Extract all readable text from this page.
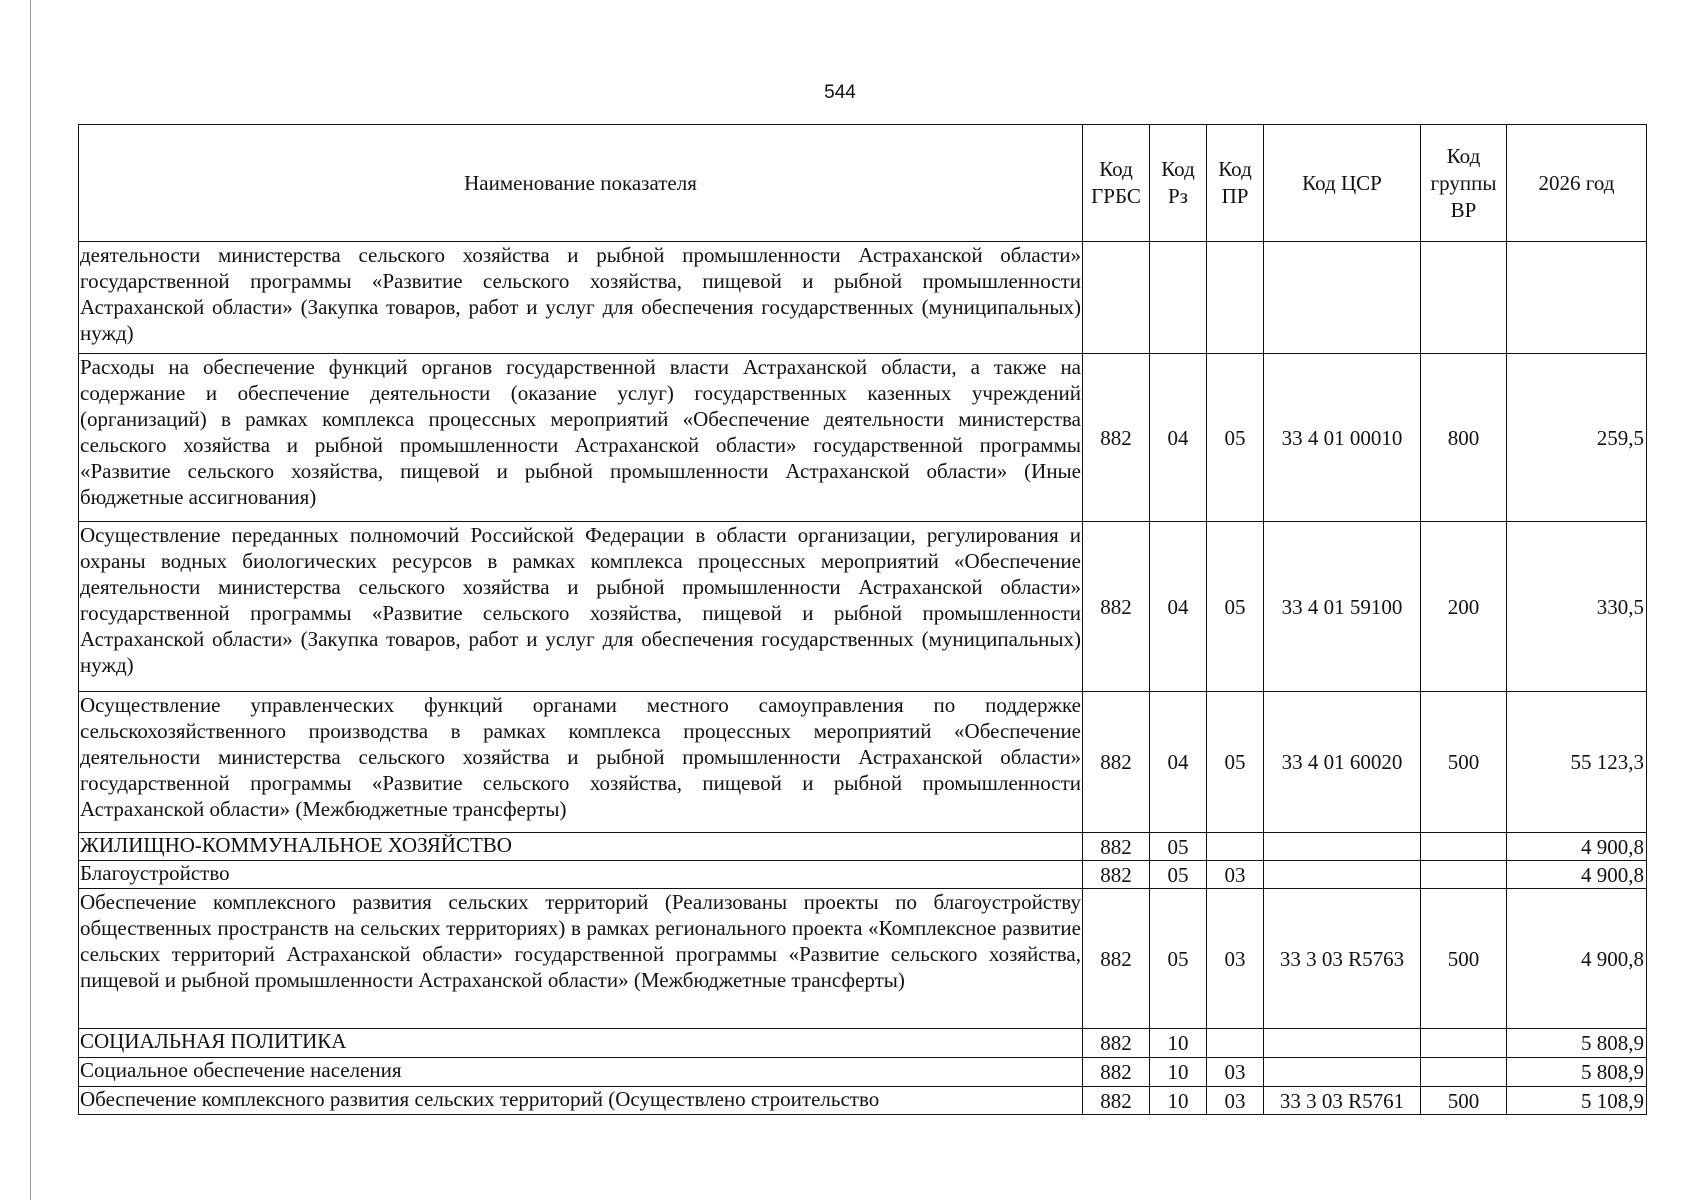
544
Наименование показателя	Код ГРБС	Код Рз	Код ПР	Код ЦСР	Код группы ВР	2026 год
деятельности министерства сельского хозяйства и рыбной промышленности Астраханской области» государственной программы «Развитие сельского хозяйства, пищевой и рыбной промышленности Астраханской области» (Закупка товаров, работ и услуг для обеспечения государственных (муниципальных) нужд)						
Расходы на обеспечение функций органов государственной власти Астраханской области, а также на содержание и обеспечение деятельности (оказание услуг) государственных казенных учреждений (организаций) в рамках комплекса процессных мероприятий «Обеспечение деятельности министерства сельского хозяйства и рыбной промышленности Астраханской области» государственной программы «Развитие сельского хозяйства, пищевой и рыбной промышленности Астраханской области» (Иные бюджетные ассигнования)	882	04	05	33 4 01 00010	800	259,5
Осуществление переданных полномочий Российской Федерации в области организации, регулирования и охраны водных биологических ресурсов в рамках комплекса процессных мероприятий «Обеспечение деятельности министерства сельского хозяйства и рыбной промышленности Астраханской области» государственной программы «Развитие сельского хозяйства, пищевой и рыбной промышленности Астраханской области» (Закупка товаров, работ и услуг для обеспечения государственных (муниципальных) нужд)	882	04	05	33 4 01 59100	200	330,5
Осуществление управленческих функций органами местного самоуправления по поддержке сельскохозяйственного производства в рамках комплекса процессных мероприятий «Обеспечение деятельности министерства сельского хозяйства и рыбной промышленности Астраханской области» государственной программы «Развитие сельского хозяйства, пищевой и рыбной промышленности Астраханской области» (Межбюджетные трансферты)	882	04	05	33 4 01 60020	500	55 123,3
ЖИЛИЩНО-КОММУНАЛЬНОЕ ХОЗЯЙСТВО	882	05				4 900,8
Благоустройство	882	05	03			4 900,8
Обеспечение комплексного развития сельских территорий (Реализованы проекты по благоустройству общественных пространств на сельских территориях) в рамках регионального проекта «Комплексное развитие сельских территорий Астраханской области» государственной программы «Развитие сельского хозяйства, пищевой и рыбной промышленности Астраханской области» (Межбюджетные трансферты)	882	05	03	33 3 03 R5763	500	4 900,8
СОЦИАЛЬНАЯ ПОЛИТИКА	882	10				5 808,9
Социальное обеспечение населения	882	10	03			5 808,9
Обеспечение комплексного развития сельских территорий (Осуществлено строительство	882	10	03	33 3 03 R5761	500	5 108,9
